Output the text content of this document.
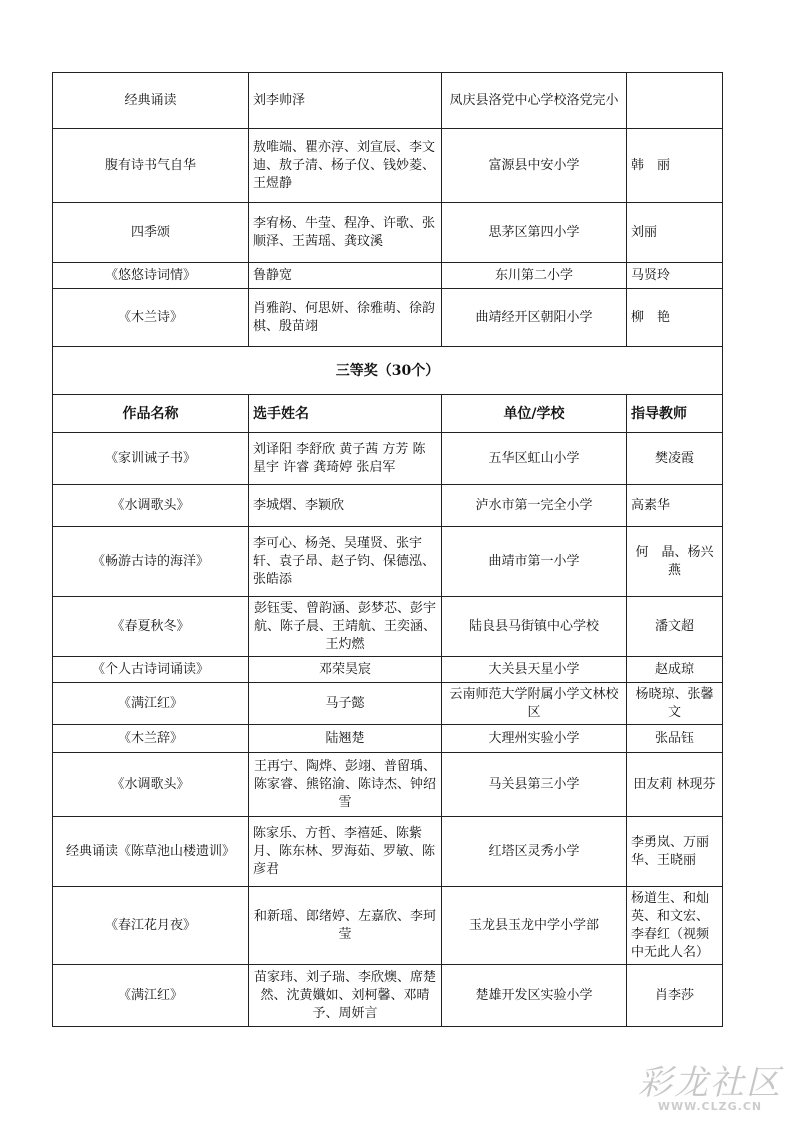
经典诵读	刘李帅泽	凤庆县洛党中心学校洛党完小	
腹有诗书气自华	敖唯端、瞿亦淳、刘宣辰、李文迪、敖子清、杨子仪、钱妙菱、王煜静	富源县中安小学	韩　丽
四季颂	李宥杨、牛莹、程净、许歌、张顺泽、王茜瑶、龚玟溪	思茅区第四小学	刘丽
《悠悠诗词情》	鲁静宽	东川第二小学	马贤玲
《木兰诗》	肖雅韵、何思妍、徐雅萌、徐韵棋、殷苗翊	曲靖经开区朝阳小学	柳　艳
三等奖（30个）			
作品名称	选手姓名	单位/学校	指导教师
《家训诫子书》	刘译阳 李舒欣 黄子茜 方芳 陈星宇 许睿 龚琦婷 张启军	五华区虹山小学	樊凌霞
《水调歌头》	李城熠、李颖欣	泸水市第一完全小学	高素华
《畅游古诗的海洋》	李可心、杨尧、吴瑾贤、张宇轩、袁子昂、赵子钧、保德泓、张皓添	曲靖市第一小学	何　晶、杨兴燕
《春夏秋冬》	彭钰雯、曾韵涵、彭梦芯、彭宇航、陈子晨、王靖航、王奕涵、王灼燃	陆良县马街镇中心学校	潘文超
《个人古诗词诵读》	邓荣昊宸	大关县天星小学	赵成琼
《满江红》	马子懿	云南师范大学附属小学文林校区	杨晓琼、张馨文
《木兰辞》	陆翘楚	大理州实验小学	张品钰
《水调歌头》	王再宁、陶烨、彭翊、普留瑀、陈家睿、熊铭渝、陈诗杰、钟绍雪	马关县第三小学	田友莉 林现芬
经典诵读《陈草池山楼遗训》	陈家乐、方哲、李禧延、陈紫月、陈东林、罗海茹、罗敏、陈彦君	红塔区灵秀小学	李勇岚、万丽华、王晓丽
《春江花月夜》	和新瑶、郎绪婷、左嘉欣、李珂莹	玉龙县玉龙中学小学部	杨道生、和灿英、和文宏、李春红（视频中无此人名）
《满江红》	苗家玮、刘子瑞、李欣燠、席楚然、沈黄孅如、刘柯馨、邓晴予、周妍言	楚雄开发区实验小学	肖李莎
彩龙社区
WWW.CLZG.CN
